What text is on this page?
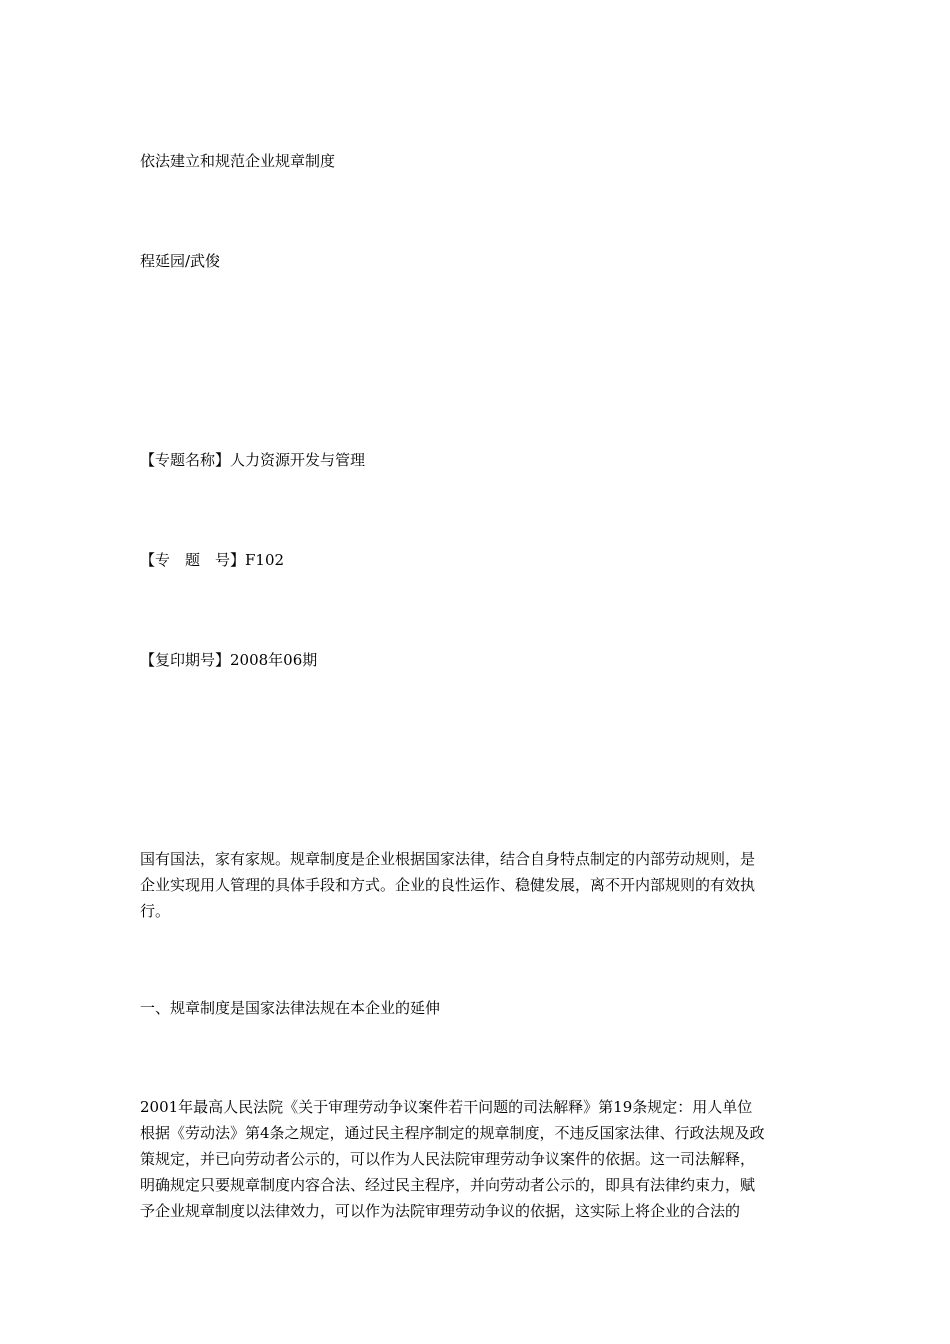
依法建立和规范企业规章制度

程延园/武俊

【专题名称】人力资源开发与管理

【专　题　号】F102

【复印期号】2008年06期

国有国法，家有家规。规章制度是企业根据国家法律，结合自身特点制定的内部劳动规则，是
企业实现用人管理的具体手段和方式。企业的良性运作、稳健发展，离不开内部规则的有效执
行。

一、规章制度是国家法律法规在本企业的延伸

2001年最高人民法院《关于审理劳动争议案件若干问题的司法解释》第19条规定：用人单位
根据《劳动法》第4条之规定，通过民主程序制定的规章制度，不违反国家法律、行政法规及政
策规定，并已向劳动者公示的，可以作为人民法院审理劳动争议案件的依据。这一司法解释，
明确规定只要规章制度内容合法、经过民主程序，并向劳动者公示的，即具有法律约束力，赋
予企业规章制度以法律效力，可以作为法院审理劳动争议的依据，这实际上将企业的合法的
